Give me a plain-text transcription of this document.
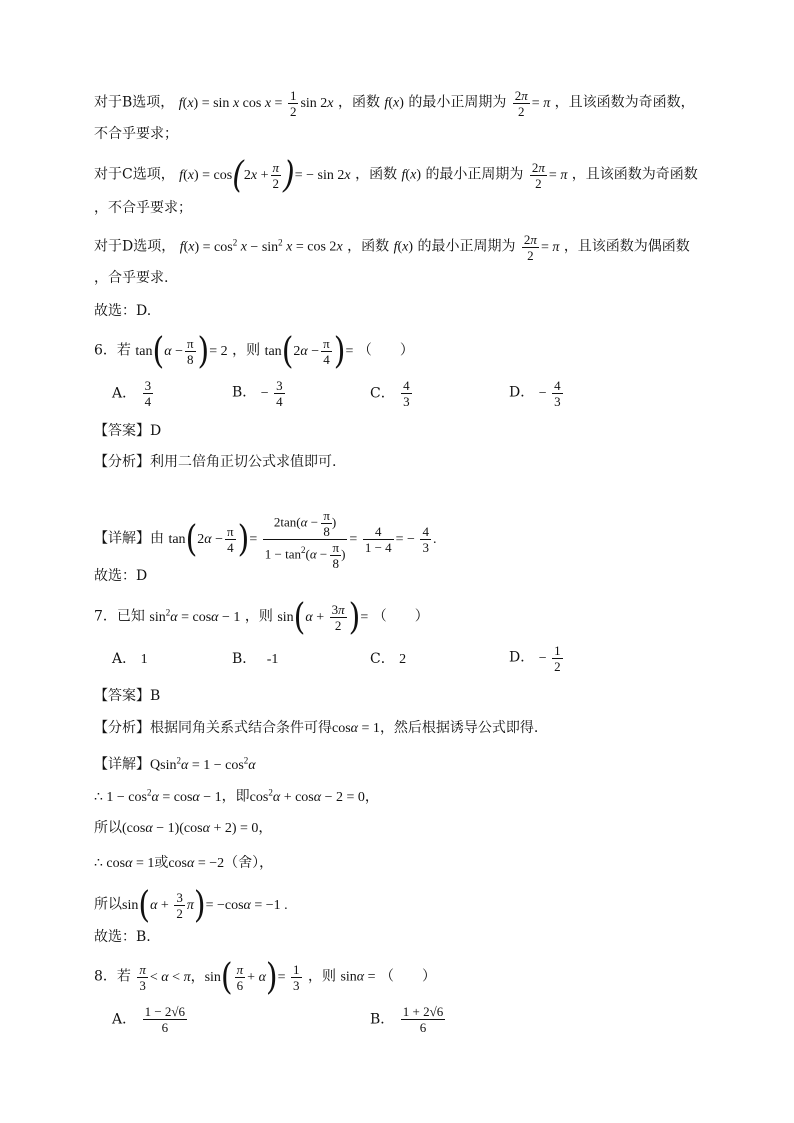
对于B选项， f(x) = sin x $\cos x = \frac{1}{2}$ sin 2x ，函数 f(x) 的最小正周期为 $\frac{2\pi}{2} = \pi$ ，且该函数为奇函数，
不合乎要求；
对于C选项， $f(x) = \cos(2x + \frac{\pi}{2}$ )= − sin 2x ，函数 f(x) 的最小正周期为 $\frac{2\pi}{2} = \pi$ ，且该函数为奇函数
，不合乎要求；
对于D选项， $f(x) = \cos^2 x - \sin^2 x = \cos 2x$ ，函数 f(x) 的最小正周期为 $\frac{2\pi}{2} = \pi$ ，且该函数为偶函数
，合乎要求.
故选：D.
6．若 $\tan(\alpha - \frac{\pi}{8}$ )= 2 ，则 $\tan(2\alpha - \frac{\pi}{4}$ )= （　　）
A． $\frac{3}{4}$	B． − $\frac{3}{4}$	C． $\frac{4}{3}$	D． − $\frac{4}{3}$
【答案】D
【分析】利用二倍角正切公式求值即可.
【详解】由 $\tan(2\alpha - \frac{\pi}{4}$ )= $\frac{2\tan(\alpha - \frac{\pi}{8} )}{1 - \tan^2(\alpha - \frac{\pi}{8} )} = \frac{4}{1 - 4}$ = − $\frac{4}{3}$ .
故选：D
7．已知 $\sin^2\alpha = \cos\alpha - 1$ ，则 $\sin(\alpha + \frac{3\pi}{2}$ )= （　　）
A． 1	B． -1	C． 2	D． − $\frac{1}{2}$
【答案】B
【分析】根据同角关系式结合条件可得cosα = 1，然后根据诱导公式即得.
【详解】$Qsin^2\alpha = 1 - \cos^2\alpha$
∴ $1 - \cos^2\alpha = \cos\alpha - 1$，即$\cos^2\alpha + \cos\alpha - 2 = 0$，
所以(cosα − 1)(cosα + 2) = 0，
∴ cosα = 1或cosα = −2（舍），
所以$\sin(\alpha + \frac{3}{2} \pi)= -\cos\alpha = -1$ .
故选：B.
8．若 $\frac{\pi}{3} < \alpha < \pi$，$\sin( \frac{\pi}{6} + \alpha)= \frac{1}{3}$ ，则 sinα = （　　）
A． $\frac{1 - 2√6}{6}$	B． $\frac{1 + 2√6}{6}$
